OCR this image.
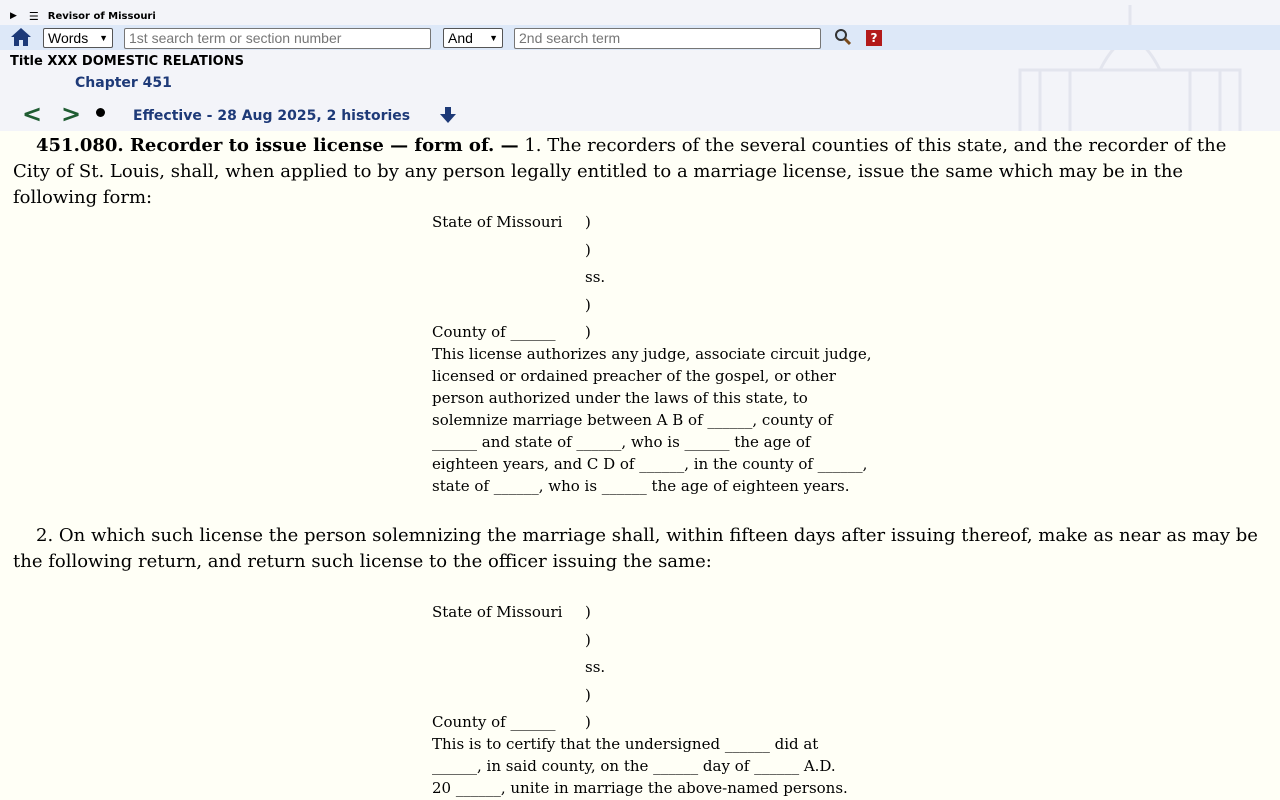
▶ ☰ Revisor of Missouri
Words ▼	1st search term or section number	And ▼	2nd search term	?
Title XXX DOMESTIC RELATIONS
Chapter 451
< >	Effective - 28 Aug 2025, 2 histories
451.080. Recorder to issue license — form of. — 1. The recorders of the several counties of this state, and the recorder of the City of St. Louis, shall, when applied to by any person legally entitled to a marriage license, issue the same which may be in the following form:
State of Missouri )
)
ss.
)
County of ______ )
This license authorizes any judge, associate circuit judge,
licensed or ordained preacher of the gospel, or other
person authorized under the laws of this state, to
solemnize marriage between A B of ______, county of
______ and state of ______, who is ______ the age of
eighteen years, and C D of ______, in the county of ______,
state of ______, who is ______ the age of eighteen years.
2. On which such license the person solemnizing the marriage shall, within fifteen days after issuing thereof, make as near as may be the following return, and return such license to the officer issuing the same:
State of Missouri )
)
ss.
)
County of ______ )
This is to certify that the undersigned ______ did at
______, in said county, on the ______ day of ______ A.D.
20 ______, unite in marriage the above-named persons.
